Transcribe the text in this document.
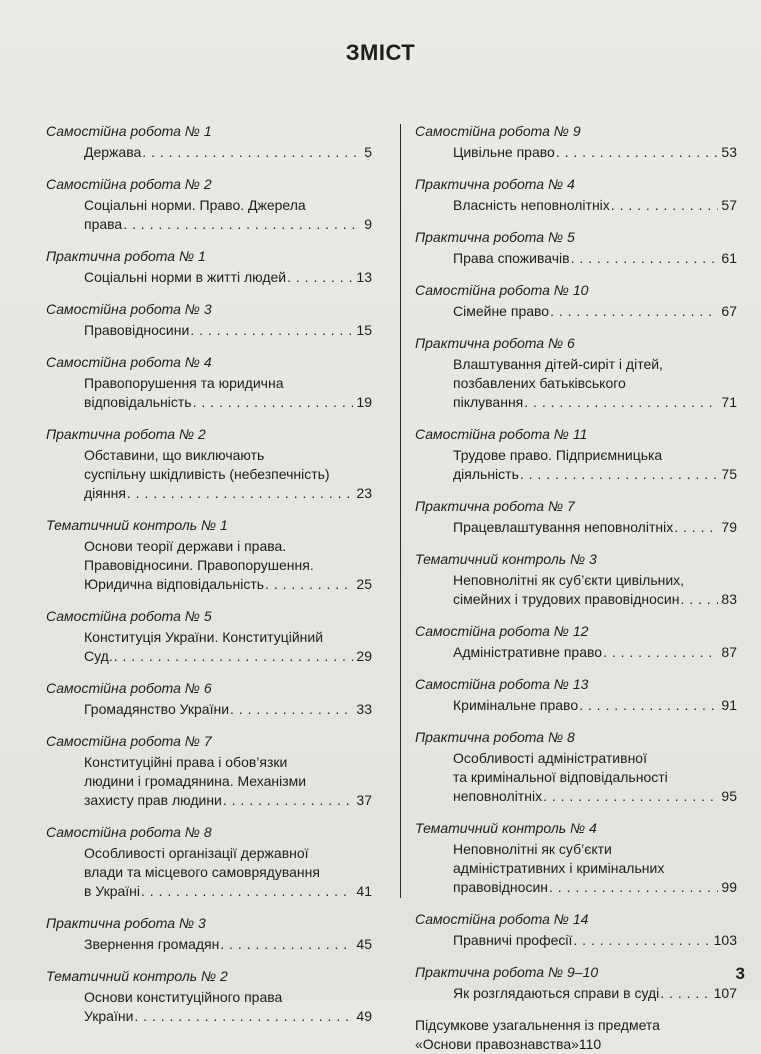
ЗМІСТ
Самостійна робота № 1
Держава . . .	5
Самостійна робота № 2
Соціальні норми. Право. Джерела
права . . .	9
Практична робота № 1
Соціальні норми в житті людей . . .	13
Самостійна робота № 3
Правовідносини . . .	15
Самостійна робота № 4
Правопорушення та юридична
відповідальність . . .	19
Практична робота № 2
Обставини, що виключають
суспільну шкідливість (небезпечність)
діяння . . .	23
Тематичний контроль № 1
Основи теорії держави і права.
Правовідносини. Правопорушення.
Юридична відповідальність . . .	25
Самостійна робота № 5
Конституція України. Конституційний
Суд. . . .	29
Самостійна робота № 6
Громадянство України . . .	33
Самостійна робота № 7
Конституційні права і обов’язки
людини і громадянина. Механізми
захисту прав людини . . .	37
Самостійна робота № 8
Особливості організації державної
влади та місцевого самоврядування
в Україні . . .	41
Практична робота № 3
Звернення громадян . . .	45
Тематичний контроль № 2
Основи конституційного права
України . . .	49
Самостійна робота № 9
Цивільне право . . .	53
Практична робота № 4
Власність неповнолітніх . . .	57
Практична робота № 5
Права споживачів . . .	61
Самостійна робота № 10
Сімейне право . . .	67
Практична робота № 6
Влаштування дітей-сиріт і дітей,
позбавлених батьківського
піклування . . .	71
Самостійна робота № 11
Трудове право. Підприємницька
діяльність . . .	75
Практична робота № 7
Працевлаштування неповнолітніх . . .	79
Тематичний контроль № 3
Неповнолітні як суб’єкти цивільних,
сімейних і трудових правовідносин . . .	83
Самостійна робота № 12
Адміністративне право . . .	87
Самостійна робота № 13
Кримінальне право . . .	91
Практична робота № 8
Особливості адміністративної
та кримінальної відповідальності
неповнолітніх . . .	95
Тематичний контроль № 4
Неповнолітні як суб’єкти
адміністративних і кримінальних
правовідносин . . .	99
Самостійна робота № 14
Правничі професії . . .	103
Практична робота № 9–10
Як розглядаються справи в суді . . .	107
Підсумкове узагальнення із предмета
«Основи правознавства»110
3
